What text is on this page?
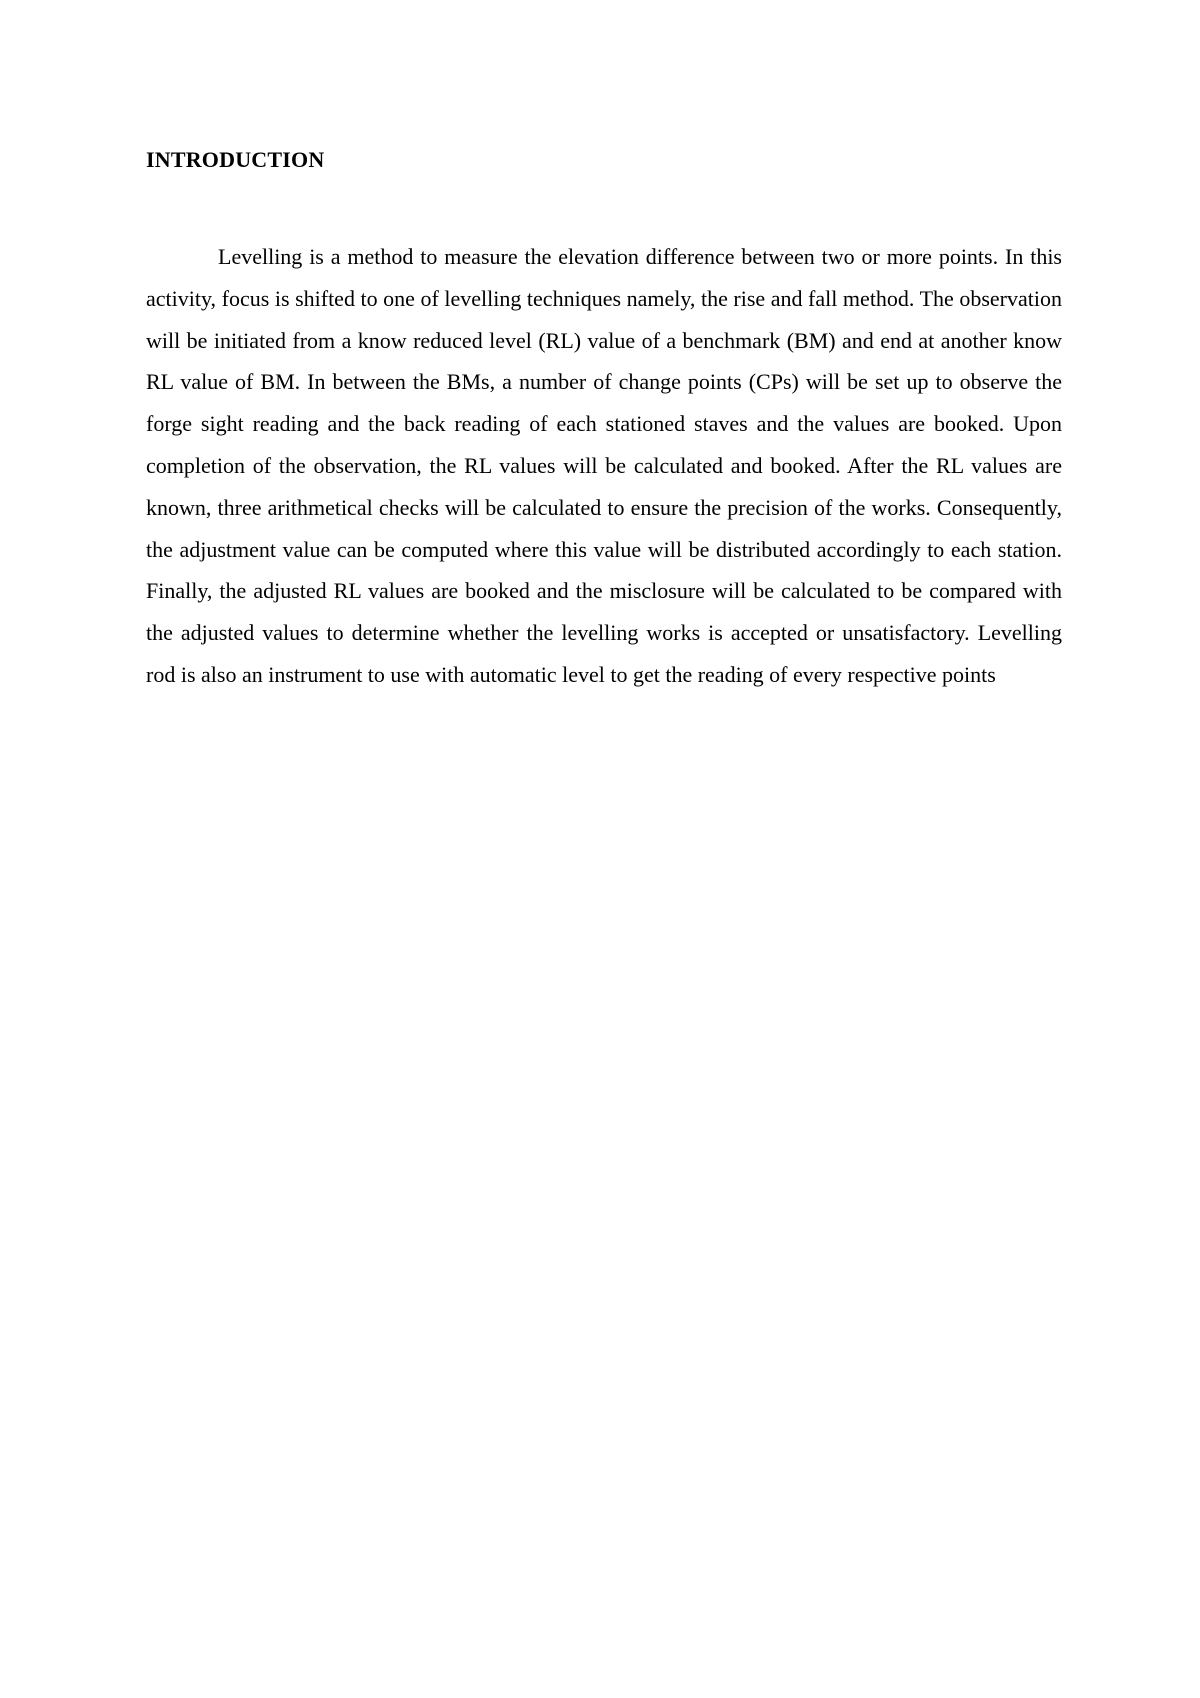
INTRODUCTION

Levelling is a method to measure the elevation difference between two or more points. In this activity, focus is shifted to one of levelling techniques namely, the rise and fall method. The observation will be initiated from a know reduced level (RL) value of a benchmark (BM) and end at another know RL value of BM. In between the BMs, a number of change points (CPs) will be set up to observe the forge sight reading and the back reading of each stationed staves and the values are booked. Upon completion of the observation, the RL values will be calculated and booked. After the RL values are known, three arithmetical checks will be calculated to ensure the precision of the works. Consequently, the adjustment value can be computed where this value will be distributed accordingly to each station. Finally, the adjusted RL values are booked and the misclosure will be calculated to be compared with the adjusted values to determine whether the levelling works is accepted or unsatisfactory. Levelling rod is also an instrument to use with automatic level to get the reading of every respective points
